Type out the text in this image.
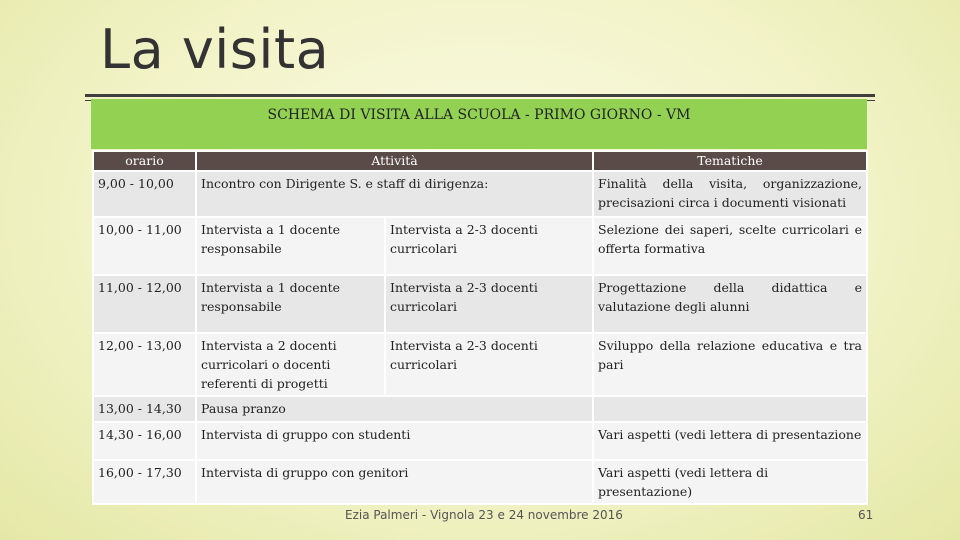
La visita
SCHEMA DI VISITA ALLA SCUOLA - PRIMO GIORNO - VM
orario	Attività		Tematiche
9,00 - 10,00	Incontro con Dirigente S. e staff di dirigenza:		Finalità della visita, organizzazione, precisazioni circa i documenti visionati
10,00 - 11,00	Intervista a 1 docente responsabile	Intervista a 2-3 docenti curricolari	Selezione dei saperi, scelte curricolari e offerta formativa
11,00 - 12,00	Intervista a 1 docente responsabile	Intervista a 2-3 docenti curricolari	Progettazione della didattica e valutazione degli alunni
12,00 - 13,00	Intervista a 2 docenti curricolari o docenti referenti di progetti	Intervista a 2-3 docenti curricolari	Sviluppo della relazione educativa e tra pari
13,00 - 14,30	Pausa pranzo		
14,30 - 16,00	Intervista di gruppo con studenti		Vari aspetti (vedi lettera di presentazione
16,00 - 17,30	Intervista di gruppo con genitori		Vari aspetti (vedi lettera di presentazione)
Ezia Palmeri - Vignola 23 e 24 novembre 2016	61
